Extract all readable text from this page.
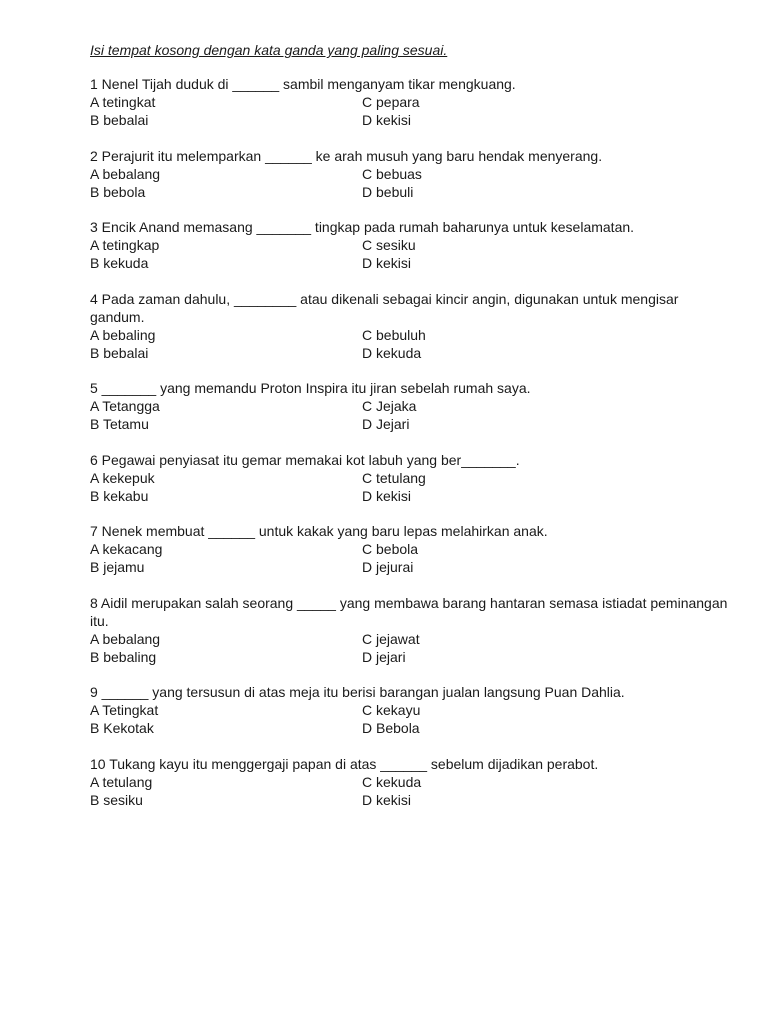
Isi tempat kosong dengan kata ganda yang paling sesuai.
1 Nenel Tijah duduk di ______ sambil menganyam tikar mengkuang.
A tetingkat	C pepara
B bebalai	D kekisi
2 Perajurit itu melemparkan ______ ke arah musuh yang baru hendak menyerang.
A bebalang	C bebuas
B bebola	D bebuli
3 Encik Anand memasang _______ tingkap pada rumah baharunya untuk keselamatan.
A tetingkap	C sesiku
B kekuda	D kekisi
4 Pada zaman dahulu, ________ atau dikenali sebagai kincir angin, digunakan untuk mengisar gandum.
A bebaling	C bebuluh
B bebalai	D kekuda
5 _______ yang memandu Proton Inspira itu jiran sebelah rumah saya.
A Tetangga	C Jejaka
B Tetamu	D Jejari
6 Pegawai penyiasat itu gemar memakai kot labuh yang ber_______.
A kekepuk	C tetulang
B kekabu	D kekisi
7 Nenek membuat ______ untuk kakak yang baru lepas melahirkan anak.
A kekacang	C bebola
B jejamu	D jejurai
8 Aidil merupakan salah seorang _____ yang membawa barang hantaran semasa istiadat peminangan itu.
A bebalang	C jejawat
B bebaling	D jejari
9 ______ yang tersusun di atas meja itu berisi barangan jualan langsung Puan Dahlia.
A Tetingkat	C kekayu
B Kekotak	D Bebola
10 Tukang kayu itu menggergaji papan di atas ______ sebelum dijadikan perabot.
A tetulang	C kekuda
B sesiku	D kekisi
